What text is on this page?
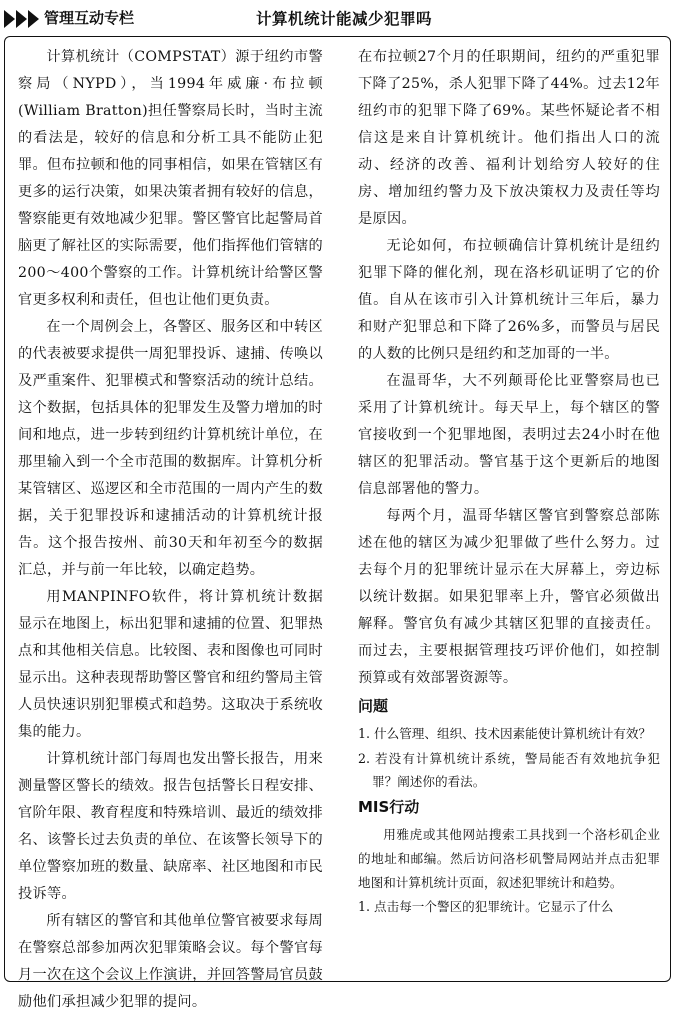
管理互动专栏	计算机统计能减少犯罪吗

计算机统计（COMPSTAT）源于纽约市警察局（NYPD），当1994年威廉·布拉顿(William Bratton)担任警察局长时，当时主流的看法是，较好的信息和分析工具不能防止犯罪。但布拉顿和他的同事相信，如果在管辖区有更多的运行决策，如果决策者拥有较好的信息，警察能更有效地减少犯罪。警区警官比起警局首脑更了解社区的实际需要，他们指挥他们管辖的200～400个警察的工作。计算机统计给警区警官更多权利和责任，但也让他们更负责。

在一个周例会上，各警区、服务区和中转区的代表被要求提供一周犯罪投诉、逮捕、传唤以及严重案件、犯罪模式和警察活动的统计总结。这个数据，包括具体的犯罪发生及警力增加的时间和地点，进一步转到纽约计算机统计单位，在那里输入到一个全市范围的数据库。计算机分析某管辖区、巡逻区和全市范围的一周内产生的数据，关于犯罪投诉和逮捕活动的计算机统计报告。这个报告按州、前30天和年初至今的数据汇总，并与前一年比较，以确定趋势。

用MANPINFO软件，将计算机统计数据显示在地图上，标出犯罪和逮捕的位置、犯罪热点和其他相关信息。比较图、表和图像也可同时显示出。这种表现帮助警区警官和纽约警局主管人员快速识别犯罪模式和趋势。这取决于系统收集的能力。

计算机统计部门每周也发出警长报告，用来测量警区警长的绩效。报告包括警长日程安排、官阶年限、教育程度和特殊培训、最近的绩效排名、该警长过去负责的单位、在该警长领导下的单位警察加班的数量、缺席率、社区地图和市民投诉等。

所有辖区的警官和其他单位警官被要求每周在警察总部参加两次犯罪策略会议。每个警官每月一次在这个会议上作演讲，并回答警局官员鼓励他们承担减少犯罪的提问。

在布拉顿27个月的任职期间，纽约的严重犯罪下降了25%，杀人犯罪下降了44%。过去12年纽约市的犯罪下降了69%。某些怀疑论者不相信这是来自计算机统计。他们指出人口的流动、经济的改善、福利计划给穷人较好的住房、增加纽约警力及下放决策权力及责任等均是原因。

无论如何，布拉顿确信计算机统计是纽约犯罪下降的催化剂，现在洛杉矶证明了它的价值。自从在该市引入计算机统计三年后，暴力和财产犯罪总和下降了26%多，而警员与居民的人数的比例只是纽约和芝加哥的一半。

在温哥华，大不列颠哥伦比亚警察局也已采用了计算机统计。每天早上，每个辖区的警官接收到一个犯罪地图，表明过去24小时在他辖区的犯罪活动。警官基于这个更新后的地图信息部署他的警力。

每两个月，温哥华辖区警官到警察总部陈述在他的辖区为减少犯罪做了些什么努力。过去每个月的犯罪统计显示在大屏幕上，旁边标以统计数据。如果犯罪率上升，警官必须做出解释。警官负有减少其辖区犯罪的直接责任。而过去，主要根据管理技巧评价他们，如控制预算或有效部署资源等。

问题
1. 什么管理、组织、技术因素能使计算机统计有效？
2. 若没有计算机统计系统，警局能否有效地抗争犯罪？阐述你的看法。
MIS行动

用雅虎或其他网站搜索工具找到一个洛杉矶企业的地址和邮编。然后访问洛杉矶警局网站并点击犯罪地图和计算机统计页面，叙述犯罪统计和趋势。

1. 点击每一个警区的犯罪统计。它显示了什么
